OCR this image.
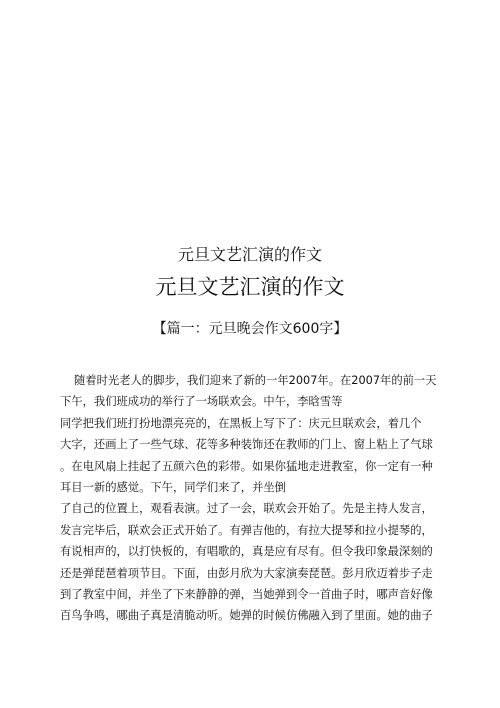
元旦文艺汇演的作文
元旦文艺汇演的作文
【篇一：元旦晚会作文600字】
随着时光老人的脚步，我们迎来了新的一年2007年。在2007年的前一天
下午，我们班成功的举行了一场联欢会。中午，李晗雪等
同学把我们班打扮地漂亮亮的，在黑板上写下了：庆元旦联欢会，着几个
大字，还画上了一些气球、花等多种装饰还在教师的门上、窗上粘上了气球
。在电风扇上挂起了五颜六色的彩带。如果你猛地走进教室，你一定有一种
耳目一新的感觉。下午，同学们来了，并坐倒
了自己的位置上，观看表演。过了一会，联欢会开始了。先是主持人发言，
发言完毕后，联欢会正式开始了。有弹吉他的，有拉大提琴和拉小提琴的，
有说相声的，以打快板的，有唱歌的，真是应有尽有。但令我印象最深刻的
还是弹琵琶着项节目。下面，由彭月欣为大家演奏琵琶。彭月欣迈着步子走
到了教室中间，并坐了下来静静的弹，当她弹到令一首曲子时，哪声音好像
百鸟争鸣，哪曲子真是清脆动听。她弹的时候仿佛融入到了里面。她的曲子
